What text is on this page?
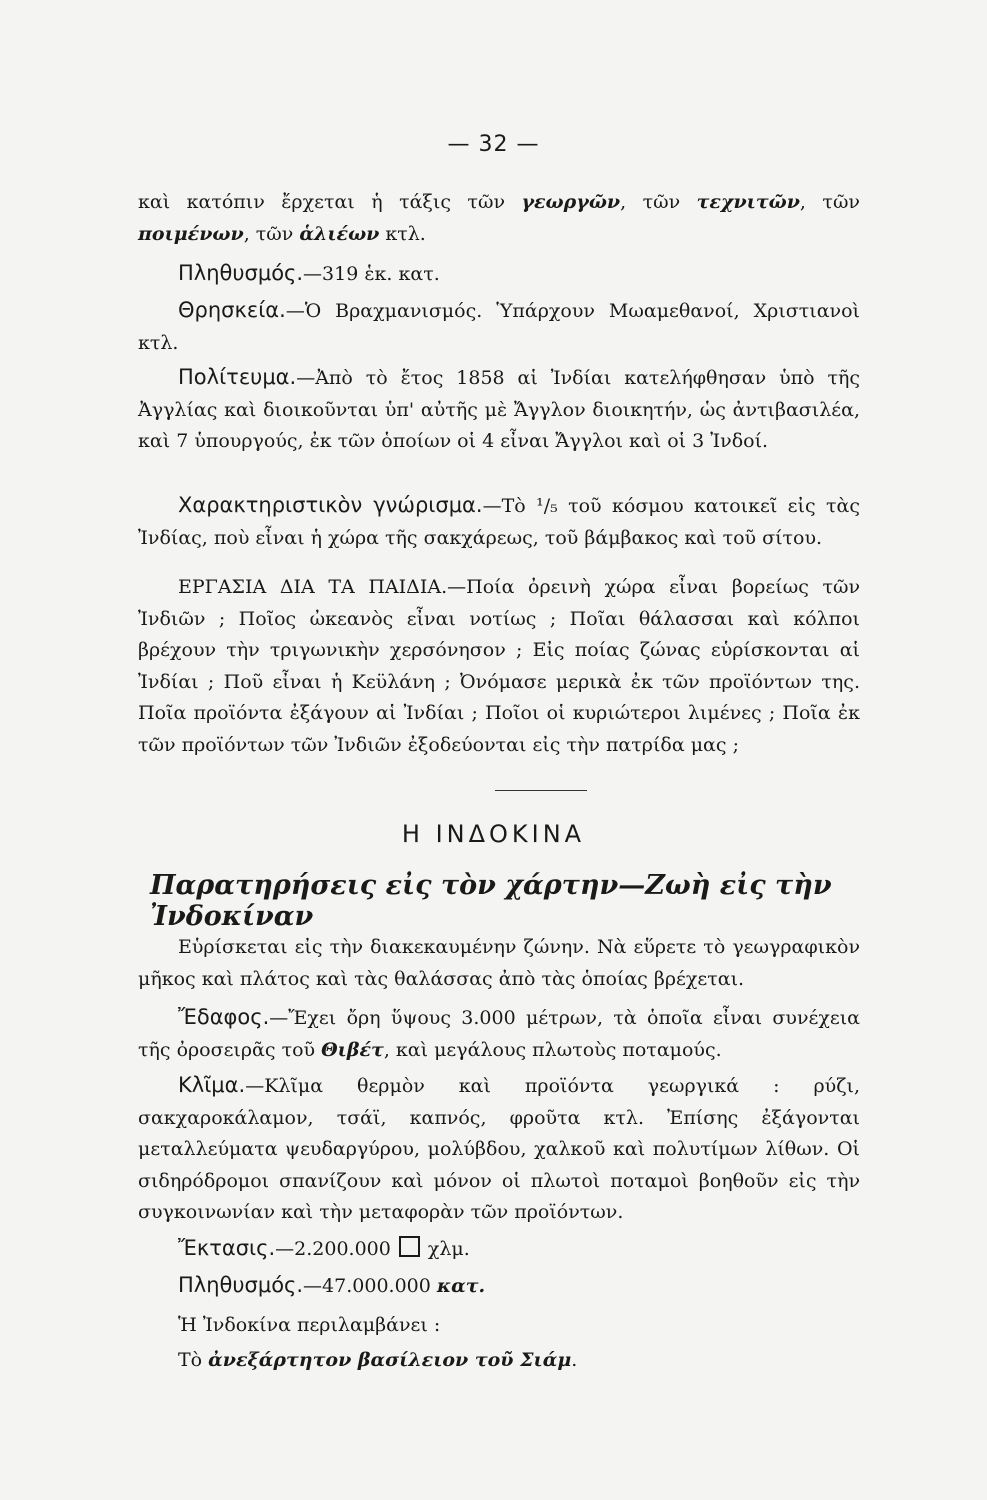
— 32 —
καὶ κατόπιν ἔρχεται ἡ τάξις τῶν γεωργῶν, τῶν τεχνιτῶν, τῶν ποιμένων, τῶν ἁλιέων κτλ.
Πληθυσμός.—319 ἑκ. κατ.
Θρησκεία.—Ὁ Βραχμανισμός. Ὑπάρχουν Μωαμεθανοί, Χριστιανοὶ κτλ.
Πολίτευμα.—Ἀπὸ τὸ ἔτος 1858 αἱ Ἰνδίαι κατελήφθησαν ὑπὸ τῆς Ἀγγλίας καὶ διοικοῦνται ὑπ' αὐτῆς μὲ Ἄγγλον διοικητήν, ὡς ἀντιβασιλέα, καὶ 7 ὑπουργούς, ἐκ τῶν ὁποίων οἱ 4 εἶναι Ἄγγλοι καὶ οἱ 3 Ἰνδοί.
Χαρακτηριστικὸν γνώρισμα.—Τὸ ¹/₅ τοῦ κόσμου κατοικεῖ εἰς τὰς Ἰνδίας, ποὺ εἶναι ἡ χώρα τῆς σακχάρεως, τοῦ βάμβακος καὶ τοῦ σίτου.
ΕΡΓΑΣΙΑ ΔΙΑ ΤΑ ΠΑΙΔΙΑ.—Ποία ὀρεινὴ χώρα εἶναι βορείως τῶν Ἰνδιῶν ; Ποῖος ὠκεανὸς εἶναι νοτίως ; Ποῖαι θάλασσαι καὶ κόλποι βρέχουν τὴν τριγωνικὴν χερσόνησον ; Εἰς ποίας ζώνας εὑρίσκονται αἱ Ἰνδίαι ; Ποῦ εἶναι ἡ Κεϋλάνη ; Ὀνόμασε μερικὰ ἐκ τῶν προϊόντων της. Ποῖα προϊόντα ἐξάγουν αἱ Ἰνδίαι ; Ποῖοι οἱ κυριώτεροι λιμένες ; Ποῖα ἐκ τῶν προϊόντων τῶν Ἰνδιῶν ἐξοδεύονται εἰς τὴν πατρίδα μας ;
Η ΙΝΔΟΚΙΝΑ
Παρατηρήσεις εἰς τὸν χάρτην—Ζωὴ εἰς τὴν Ἰνδοκίναν
Εὑρίσκεται εἰς τὴν διακεκαυμένην ζώνην. Νὰ εὕρετε τὸ γεωγραφικὸν μῆκος καὶ πλάτος καὶ τὰς θαλάσσας ἀπὸ τὰς ὁποίας βρέχεται.
Ἔδαφος.—Ἔχει ὄρη ὕψους 3.000 μέτρων, τὰ ὁποῖα εἶναι συνέχεια τῆς ὀροσειρᾶς τοῦ Θιβέτ, καὶ μεγάλους πλωτοὺς ποταμούς.
Κλῖμα.—Κλῖμα θερμὸν καὶ προϊόντα γεωργικά : ρύζι, σακχαροκάλαμον, τσάϊ, καπνός, φροῦτα κτλ. Ἐπίσης ἐξάγονται μεταλλεύματα ψευδαργύρου, μολύβδου, χαλκοῦ καὶ πολυτίμων λίθων. Οἱ σιδηρόδρομοι σπανίζουν καὶ μόνον οἱ πλωτοὶ ποταμοὶ βοηθοῦν εἰς τὴν συγκοινωνίαν καὶ τὴν μεταφορὰν τῶν προϊόντων.
Ἔκτασις.—2.200.000 χλμ.
Πληθυσμός.—47.000.000 κατ.
Ἡ Ἰνδοκίνα περιλαμβάνει :
Τὸ ἀνεξάρτητον βασίλειον τοῦ Σιάμ.
